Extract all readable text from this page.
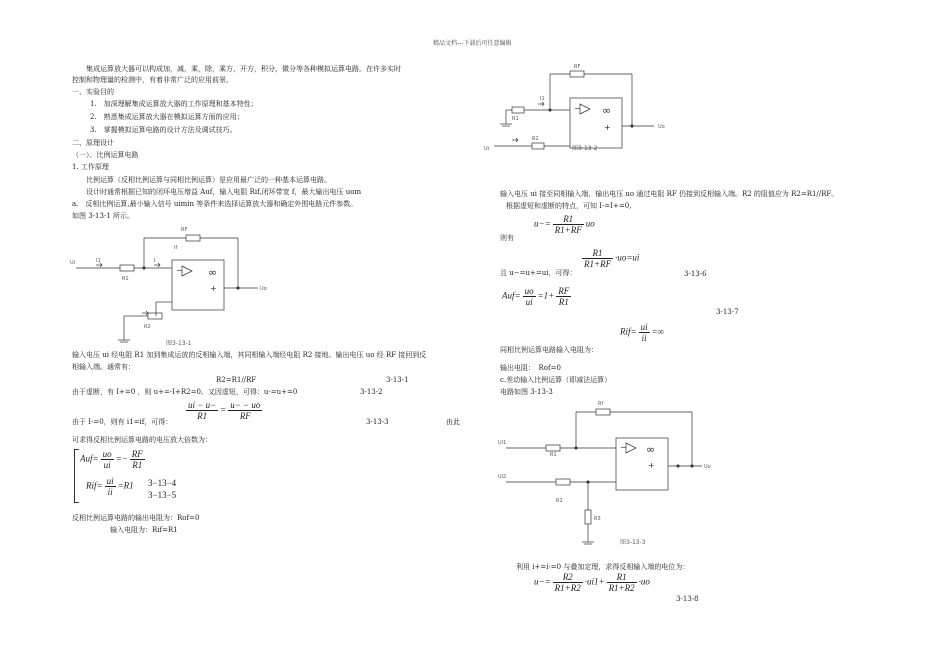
精品文档---下载后可任意编辑
集成运算放大器可以构成加，减，乘，除，乘方，开方，积分，微分等各种模拟运算电路。在许多实时
控制和物理量的检测中，有着非常广泛的应用前景。
一、实验目的
1.　加深理解集成运算放大器的工作原理和基本特性；
2.　熟悉集成运算放大器在模拟运算方面的应用；
3.　掌握模拟运算电路的设计方法及调试技巧。
二、原理设计
（一）、比例运算电路
1. 工作原理
比例运算（反相比例运算与同相比例运算）是应用最广泛的一种基本运算电路。
设计时通常根据已知的闭环电压增益 Auf，输入电阻 Rif,闭环带宽 f，最大输出电压 uom
a.　反相比例运算,最小输入信号 uimin 等条件来选择运算放大器和确定外围电路元件参数。
如图 3-13-1 所示。
Ui	I1
R1
RF
If
I
− ∞
+	Uo
R2
图3-13-1
输入电压 ui 经电阻 R1 加到集成运放的反相输入端，其同相输入端经电阻 R2 接地。输出电压 uo 经 RF 接回到反
相输入端。通常有：
R2=R1//RF	3-13-1
由于虚断，有 I+=0 ，则 u+=-I+R2=0。又因虚短，可得：u-=u+=0	3-13-2
由于 I-=0，则有 i1=if，可得：
$\frac{ui - u-}{R1} = \frac{u- - uo}{RF}$
3-13-3	由此
可求得反相比例运算电路的电压放大倍数为：
$Auf= \frac{uo}{ui} =- \frac{RF}{R1}$
$Rif= \frac{ui}{ii} =R1$ 3−13−4
3−13−5
反相比例运算电路的输出电阻为：Rof=0
输入电阻为：Rif=R1
RF
R1
I1
R2
Ui
− ∞
+	Uo
图3-13-2
输入电压 ui 接至同相输入端，输出电压 uo 通过电阻 RF 仍接到反相输入端。R2 的阻值应为 R2=R1//RF。
根据虚短和虚断的特点，可知 I-=I+=0,
则有
$u-= \frac{R1}{R1+RF}$ uo
且 u−=u+=ui，可得：
$\frac{R1}{R1+RF} \cdot uo=ui$
3-13-6
$Auf= \frac{uo}{ui} =1+ \frac{RF}{R1}$
3-13-7
$Rif= \frac{ui}{ii}$ =∞
同相比例运算电路输入电阻为：
输出电阻：　Rof=0
c.差动输入比例运算（即减法运算）
电路如图 3-13-3
Rf
Ui1
R1
Ui2
R2
R3
− ∞
+	Uo
图3-13-3
利用 i+=i-=0 与叠加定理，求得反相输入端的电位为：
$u-= \frac{R2}{R1+R2} \cdot ui1+ \frac{R1}{R1+R2} \cdot uo$
3-13-8
